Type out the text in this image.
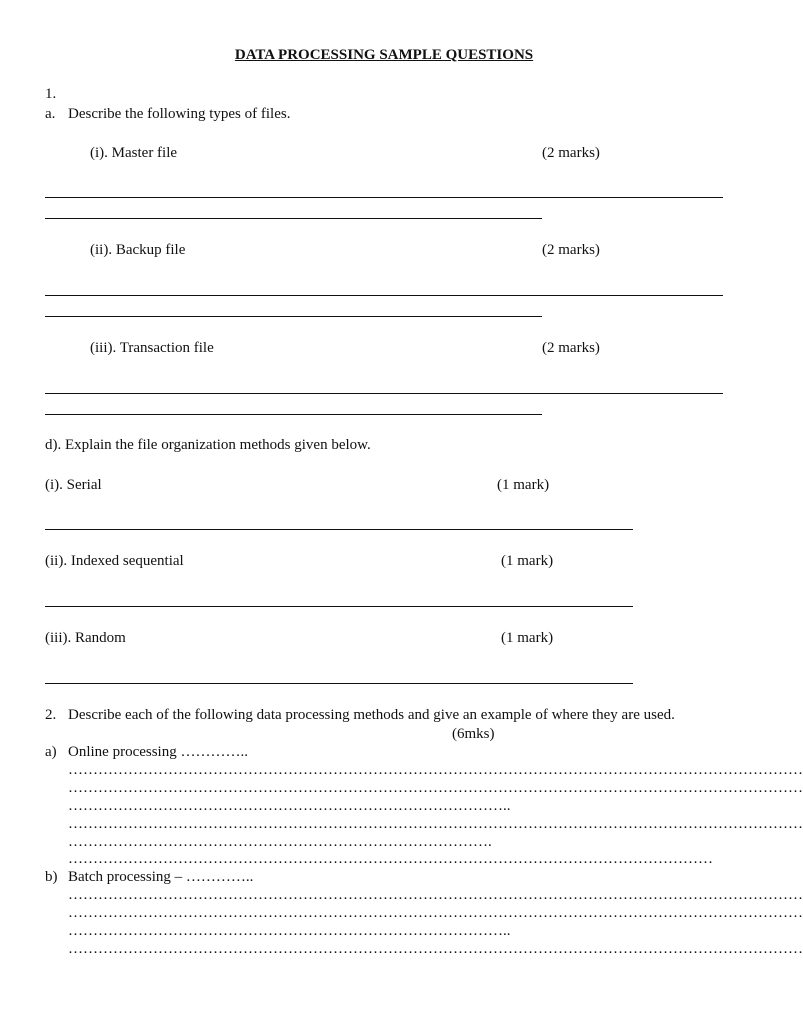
DATA PROCESSING SAMPLE QUESTIONS
1.
a. Describe the following types of files.
(i). Master file	(2 marks)
(ii). Backup file	(2 marks)
(iii). Transaction file	(2 marks)
d). Explain the file organization methods given below.
(i). Serial	(1 mark)
(ii). Indexed sequential	(1 mark)
(iii). Random	(1 mark)
2. Describe each of the following data processing methods and give an example of where they are used.
(6mks)
a) Online processing …………..
…………………………………………………………………………………………………………………………………
…………………………………………………………………………………………………………………………………
……………………………………………………………………………..
…………………………………………………………………………………………………………………………………
………………………………………………………………………….
…………………………………………………………………………………………………………………
b) Batch processing – …………..
…………………………………………………………………………………………………………………………………
…………………………………………………………………………………………………………………………………
……………………………………………………………………………..
…………………………………………………………………………………………………………………………………
